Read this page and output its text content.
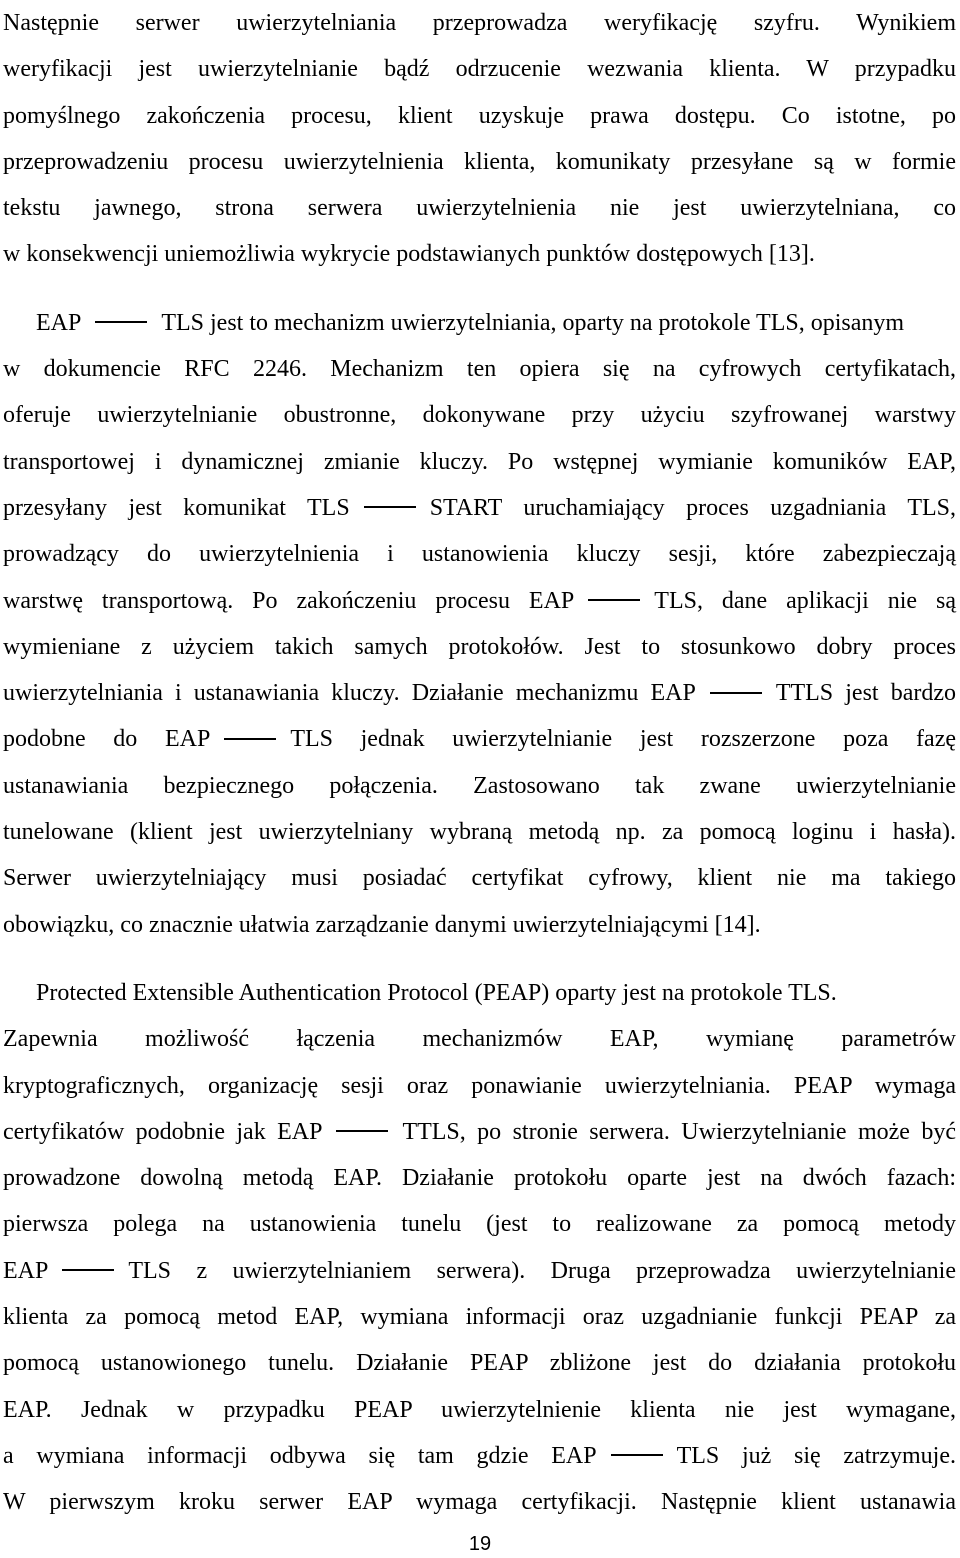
Następnie serwer uwierzytelniania przeprowadza weryfikację szyfru. Wynikiem
weryfikacji jest uwierzytelnianie bądź odrzucenie wezwania klienta. W przypadku
pomyślnego zakończenia procesu, klient uzyskuje prawa dostępu. Co istotne, po
przeprowadzeniu procesu uwierzytelnienia klienta, komunikaty przesyłane są w formie
tekstu jawnego, strona serwera uwierzytelnienia nie jest uwierzytelniana, co
w konsekwencji uniemożliwia wykrycie podstawianych punktów dostępowych [13].
EAP	TLS jest to mechanizm uwierzytelniania, oparty na protokole TLS, opisanym
w dokumencie RFC 2246. Mechanizm ten opiera się na cyfrowych certyfikatach,
oferuje uwierzytelnianie obustronne, dokonywane przy użyciu szyfrowanej warstwy
transportowej i dynamicznej zmianie kluczy. Po wstępnej wymianie komuników EAP,
przesyłany jest komunikat TLS	START uruchamiający proces uzgadniania TLS,
prowadzący do uwierzytelnienia i ustanowienia kluczy sesji, które zabezpieczają
warstwę transportową. Po zakończeniu procesu EAP	TLS, dane aplikacji nie są
wymieniane z użyciem takich samych protokołów. Jest to stosunkowo dobry proces
uwierzytelniania i ustanawiania kluczy. Działanie mechanizmu EAP	TTLS jest bardzo
podobne do EAP	TLS jednak uwierzytelnianie jest rozszerzone poza fazę
ustanawiania bezpiecznego połączenia. Zastosowano tak zwane uwierzytelnianie
tunelowane (klient jest uwierzytelniany wybraną metodą np. za pomocą loginu i hasła).
Serwer uwierzytelniający musi posiadać certyfikat cyfrowy, klient nie ma takiego
obowiązku, co znacznie ułatwia zarządzanie danymi uwierzytelniającymi [14].
Protected Extensible Authentication Protocol (PEAP) oparty jest na protokole TLS.
Zapewnia możliwość łączenia mechanizmów EAP, wymianę parametrów
kryptograficznych, organizację sesji oraz ponawianie uwierzytelniania. PEAP wymaga
certyfikatów podobnie jak EAP	TTLS, po stronie serwera. Uwierzytelnianie może być
prowadzone dowolną metodą EAP. Działanie protokołu oparte jest na dwóch fazach:
pierwsza polega na ustanowienia tunelu (jest to realizowane za pomocą metody
EAP	TLS z uwierzytelnianiem serwera). Druga przeprowadza uwierzytelnianie
klienta za pomocą metod EAP, wymiana informacji oraz uzgadnianie funkcji PEAP za
pomocą ustanowionego tunelu. Działanie PEAP zbliżone jest do działania protokołu
EAP. Jednak w przypadku PEAP uwierzytelnienie klienta nie jest wymagane,
a wymiana informacji odbywa się tam gdzie EAP	TLS już się zatrzymuje.
W pierwszym kroku serwer EAP wymaga certyfikacji. Następnie klient ustanawia
19
